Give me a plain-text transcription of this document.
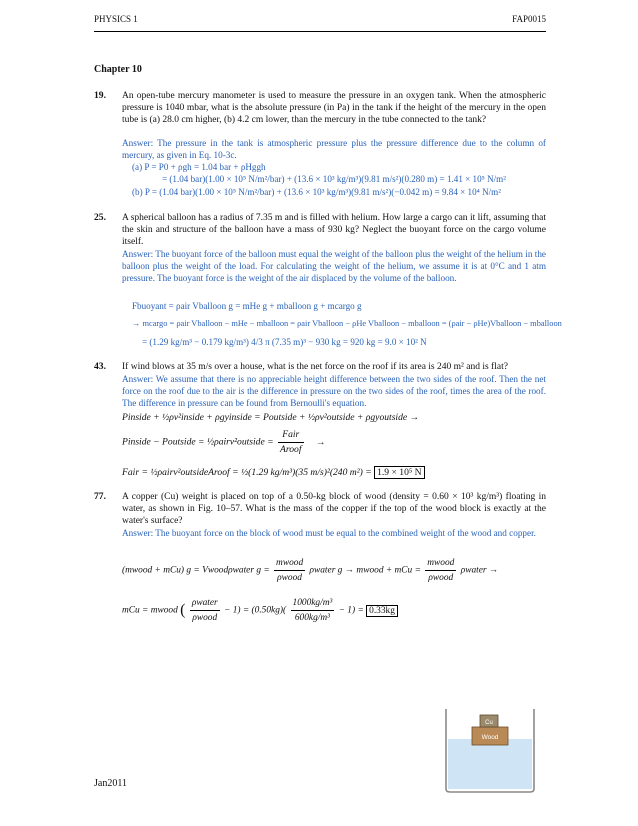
PHYSICS 1	FAP0015
Chapter 10
19. An open-tube mercury manometer is used to measure the pressure in an oxygen tank. When the atmospheric pressure is 1040 mbar, what is the absolute pressure (in Pa) in the tank if the height of the mercury in the open tube is (a) 28.0 cm higher, (b) 4.2 cm lower, than the mercury in the tube connected to the tank?
Answer: The pressure in the tank is atmospheric pressure plus the pressure difference due to the column of mercury, as given in Eq. 10-3c.
(a) P = P0 + ρgh = 1.04 bar + ρHggh
= (1.04 bar)(1.00 × 10⁵ N/m²/bar) + (13.6 × 10³ kg/m³)(9.81 m/s²)(0.280 m) = 1.41 × 10⁵ N/m²
(b) P = (1.04 bar)(1.00 × 10⁵ N/m²/bar) + (13.6 × 10³ kg/m³)(9.81 m/s²)(−0.042 m) = 9.84 × 10⁴ N/m²
25. A spherical balloon has a radius of 7.35 m and is filled with helium. How large a cargo can it lift, assuming that the skin and structure of the balloon have a mass of 930 kg? Neglect the buoyant force on the cargo volume itself.
Answer: The buoyant force of the balloon must equal the weight of the balloon plus the weight of the helium in the balloon plus the weight of the load. For calculating the weight of the helium, we assume it is at 0°C and 1 atm pressure. The buoyant force is the weight of the air displaced by the volume of the balloon.
Fbuoyant = ρair Vballoon g = mHe g + mballoon g + mcargo g
→ mcargo = ρair Vballoon − mHe − mballoon = ρair Vballoon − ρHe Vballoon − mballoon = (ρair − ρHe)Vballoon − mballoon
= (1.29 kg/m³ − 0.179 kg/m³) 4/3 π (7.35 m)³ − 930 kg = 920 kg = 9.0 × 10² N
43. If wind blows at 35 m/s over a house, what is the net force on the roof if its area is 240 m² and is flat?
Answer: We assume that there is no appreciable height difference between the two sides of the roof. Then the net force on the roof due to the air is the difference in pressure on the two sides of the roof, times the area of the roof. The difference in pressure can be found from Bernoulli's equation.
Pinside + ½ρv²inside + ρgyinside = Poutside + ½ρv²outside + ρgyoutside →
Pinside − Poutside = ½ρairv²outside = $\frac{\text{Fair}}{\text{Aroof}}$ →
Fair = ½ρairv²outsideAroof = ½(1.29 kg/m³)(35 m/s)²(240 m²) = 1.9 × 10⁵ N
77. A copper (Cu) weight is placed on top of a 0.50-kg block of wood (density = 0.60 × 10³ kg/m³) floating in water, as shown in Fig. 10–57. What is the mass of the copper if the top of the wood block is exactly at the water's surface?
Answer: The buoyant force on the block of wood must be equal to the combined weight of the wood and copper.
(mwood + mCu) g = Vwoodρwater $g = \frac{\text{mwood}}{\text{ρwood}}$ ρwater g → mwood + mCu = $\frac{\text{mwood}}{\text{ρwood}}$ ρwater →
mCu = mwood ( $\frac{\text{ρwater}}{\text{ρwood}} - 1) = (0.50kg)( \frac{\text{1000kg/m³}}{\text{600kg/m³}} - 1) = 0.33kg$
Cu
Wood
Jan2011
